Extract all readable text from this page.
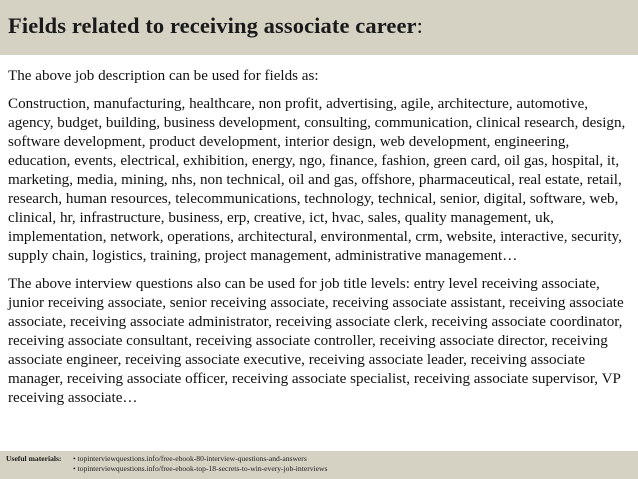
Fields related to receiving associate career:

The above job description can be used for fields as:

Construction, manufacturing, healthcare, non profit, advertising, agile, architecture, automotive, agency, budget, building, business development, consulting, communication, clinical research, design, software development, product development, interior design, web development, engineering, education, events, electrical, exhibition, energy, ngo, finance, fashion, green card, oil gas, hospital, it, marketing, media, mining, nhs, non technical, oil and gas, offshore, pharmaceutical, real estate, retail, research, human resources, telecommunications, technology, technical, senior, digital, software, web, clinical, hr, infrastructure, business, erp, creative, ict, hvac, sales, quality management, uk, implementation, network, operations, architectural, environmental, crm, website, interactive, security, supply chain, logistics, training, project management, administrative management…

The above interview questions also can be used for job title levels: entry level receiving associate, junior receiving associate, senior receiving associate, receiving associate assistant, receiving associate associate, receiving associate administrator, receiving associate clerk, receiving associate coordinator, receiving associate consultant, receiving associate controller, receiving associate director, receiving associate engineer, receiving associate executive, receiving associate leader, receiving associate manager, receiving associate officer, receiving associate specialist, receiving associate supervisor, VP receiving associate…

Useful materials: • topinterviewquestions.info/free-ebook-80-interview-questions-and-answers
• topinterviewquestions.info/free-ebook-top-18-secrets-to-win-every-job-interviews
